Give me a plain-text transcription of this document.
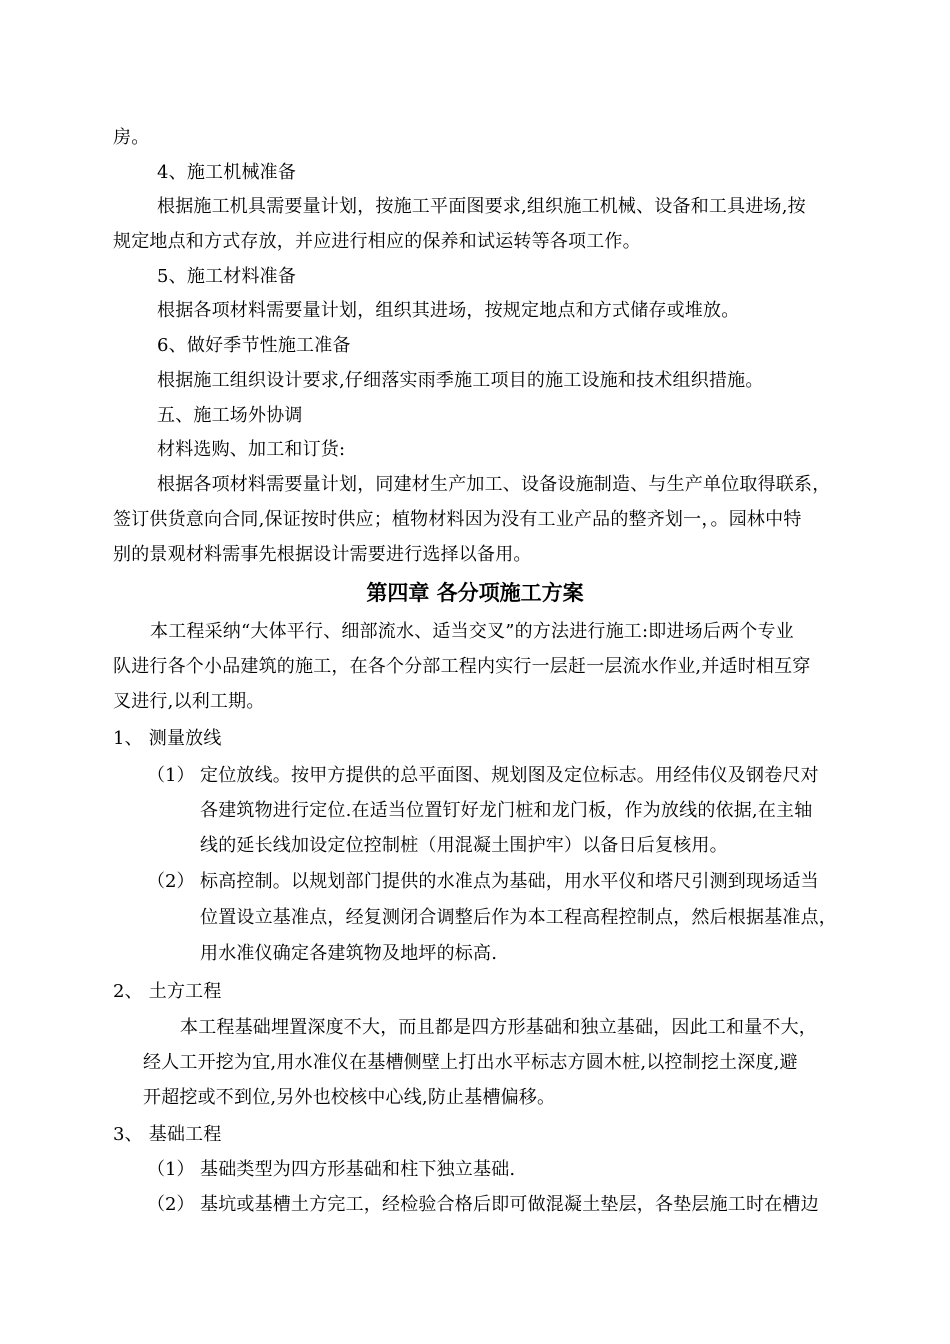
房。
4、施工机械准备
根据施工机具需要量计划，按施工平面图要求,组织施工机械、设备和工具进场,按
规定地点和方式存放，并应进行相应的保养和试运转等各项工作。
5、施工材料准备
根据各项材料需要量计划，组织其进场，按规定地点和方式储存或堆放。
6、做好季节性施工准备
根据施工组织设计要求,仔细落实雨季施工项目的施工设施和技术组织措施。
五、施工场外协调
材料选购、加工和订货:
根据各项材料需要量计划，同建材生产加工、设备设施制造、与生产单位取得联系，
签订供货意向合同,保证按时供应；植物材料因为没有工业产品的整齐划一，。园林中特
别的景观材料需事先根据设计需要进行选择以备用。
第四章 各分项施工方案
本工程采纳“大体平行、细部流水、适当交叉”的方法进行施工:即进场后两个专业
队进行各个小品建筑的施工，在各个分部工程内实行一层赶一层流水作业,并适时相互穿
叉进行,以利工期。
1、 测量放线
（1） 定位放线。按甲方提供的总平面图、规划图及定位标志。用经伟仪及钢卷尺对
各建筑物进行定位.在适当位置钉好龙门桩和龙门板，作为放线的依据,在主轴
线的延长线加设定位控制桩（用混凝土围护牢）以备日后复核用。
（2） 标高控制。以规划部门提供的水准点为基础，用水平仪和塔尺引测到现场适当
位置设立基准点，经复测闭合调整后作为本工程高程控制点，然后根据基准点，
用水准仪确定各建筑物及地坪的标高.
2、 土方工程
本工程基础埋置深度不大，而且都是四方形基础和独立基础，因此工和量不大，
经人工开挖为宜,用水准仪在基槽侧壁上打出水平标志方圆木桩,以控制挖土深度,避
开超挖或不到位,另外也校核中心线,防止基槽偏移。
3、 基础工程
（1） 基础类型为四方形基础和柱下独立基础.
（2） 基坑或基槽土方完工，经检验合格后即可做混凝土垫层，各垫层施工时在槽边
